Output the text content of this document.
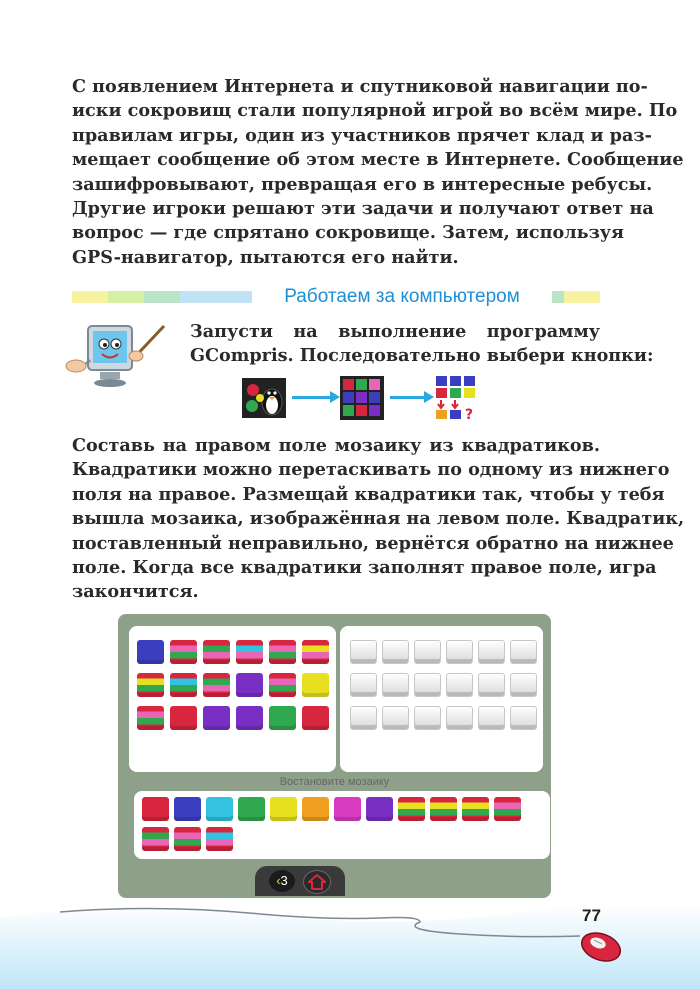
С появлением Интернета и спутниковой навигации по-
иски сокровищ стали популярной игрой во всём мире. По
правилам игры, один из участников прячет клад и раз-
мещает сообщение об этом месте в Интернете. Сообщение
зашифровывают, превращая его в интересные ребусы.
Другие игроки решают эти задачи и получают ответ на
вопрос — где спрятано сокровище. Затем, используя
GPS-навигатор, пытаются его найти.
Работаем за компьютером
Запусти на выполнение программу
GCompris. Последовательно выбери кнопки:
?
Составь на правом поле мозаику из квадратиков.
Квадратики можно перетаскивать по одному из нижнего
поля на правое. Размещай квадратики так, чтобы у тебя
вышла мозаика, изображённая на левом поле. Квадратик,
поставленный неправильно, вернётся обратно на нижнее
поле. Когда все квадратики заполнят правое поле, игра
закончится.
Востановите мозаику
‹3
77
